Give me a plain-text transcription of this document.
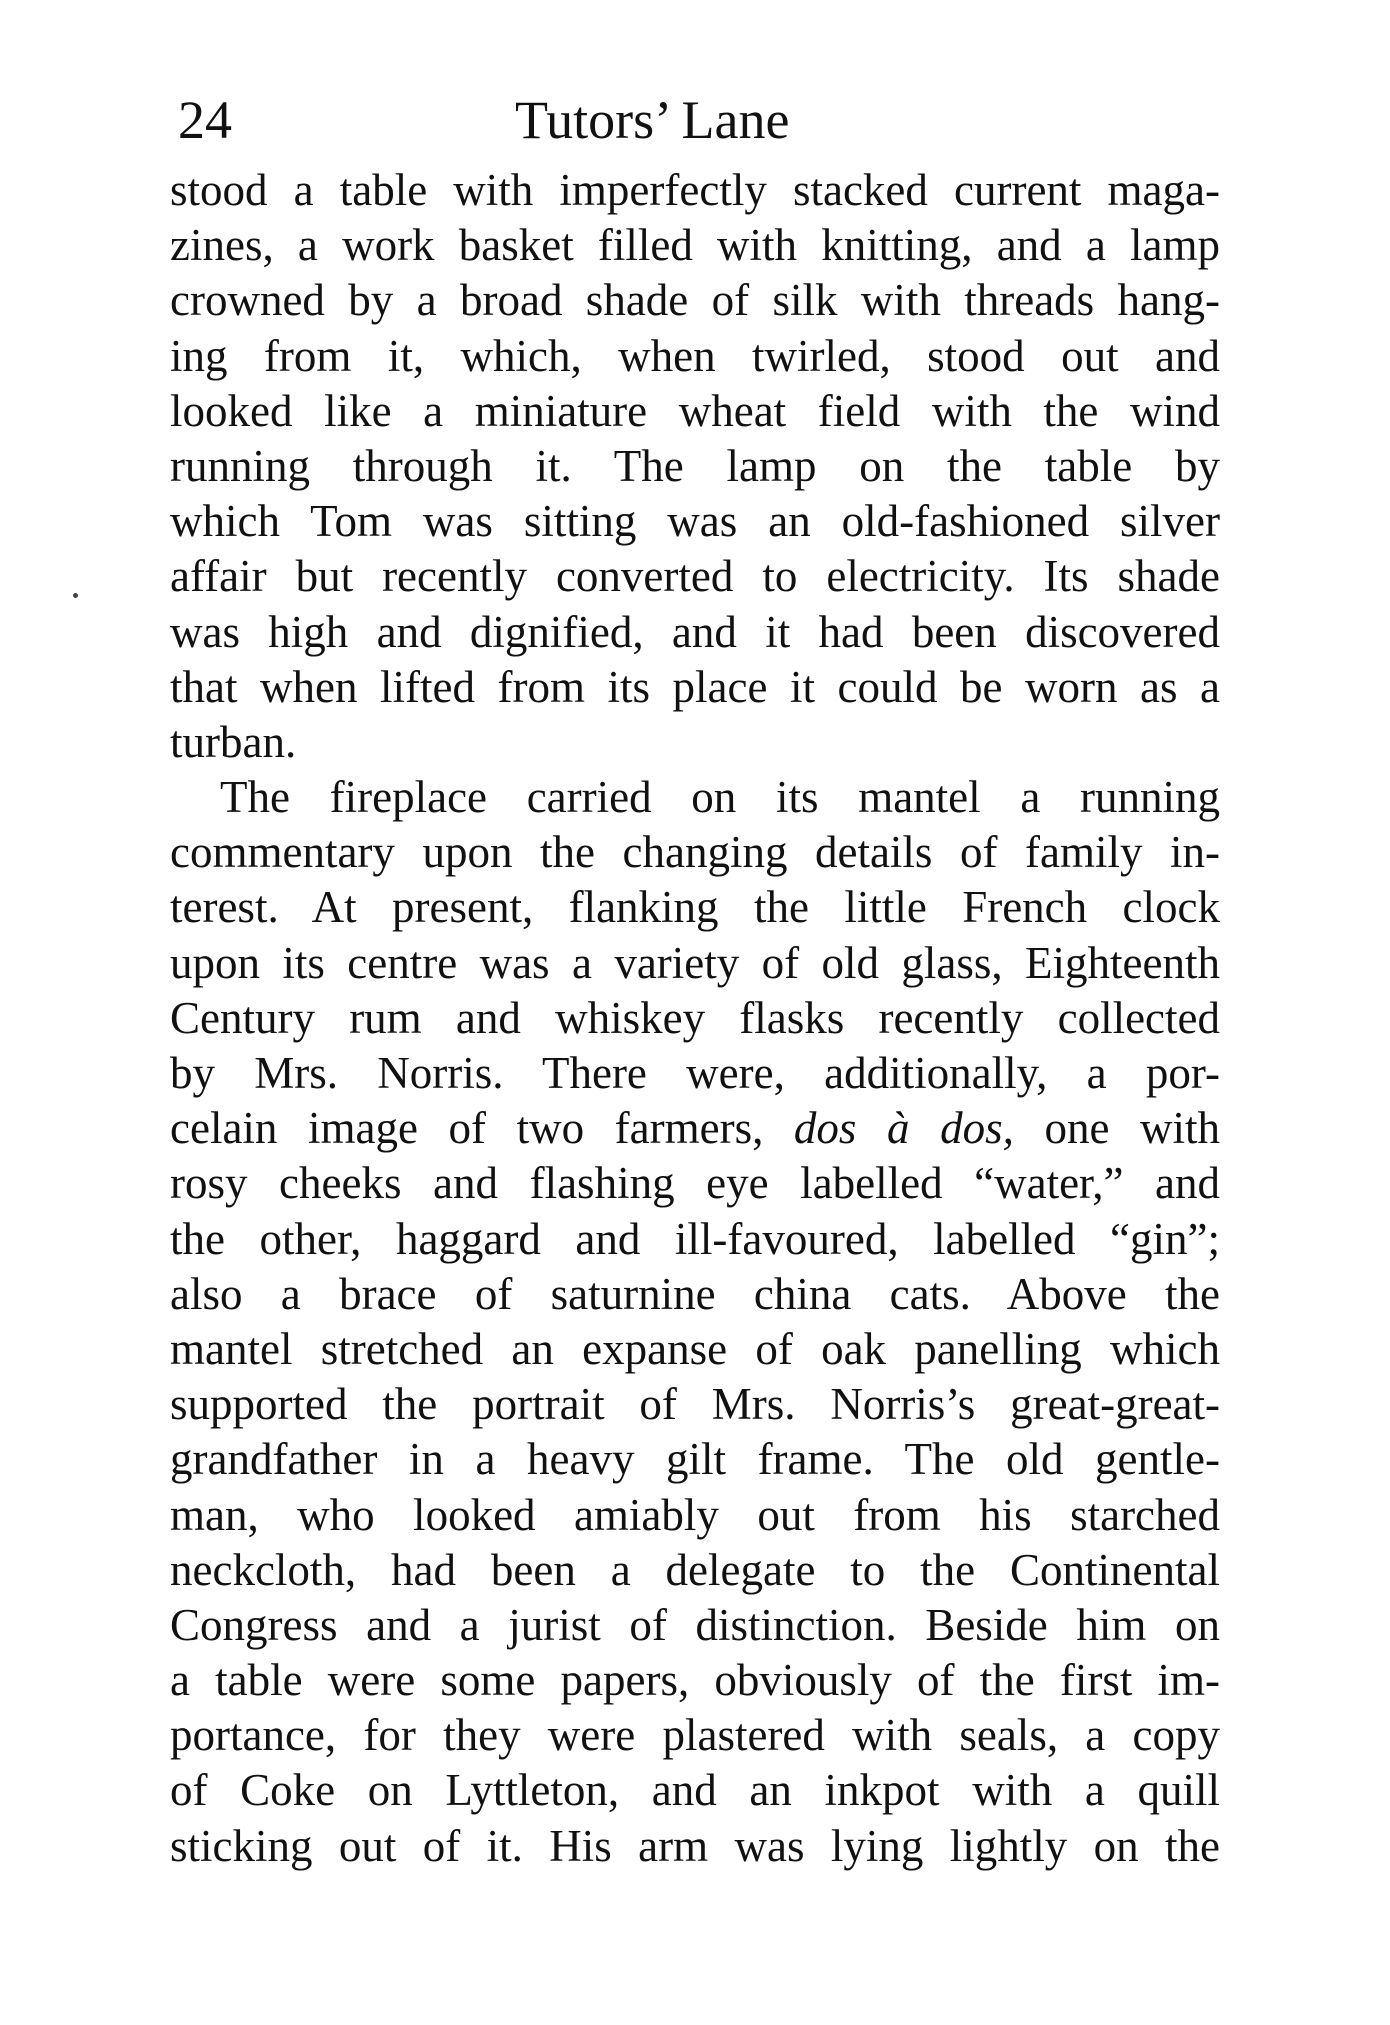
24	Tutors’ Lane
stood a table with imperfectly stacked current maga-
zines, a work basket filled with knitting, and a lamp
crowned by a broad shade of silk with threads hang-
ing from it, which, when twirled, stood out and
looked like a miniature wheat field with the wind
running through it. The lamp on the table by
which Tom was sitting was an old-fashioned silver
affair but recently converted to electricity. Its shade
was high and dignified, and it had been discovered
that when lifted from its place it could be worn as a
turban.
The fireplace carried on its mantel a running
commentary upon the changing details of family in-
terest. At present, flanking the little French clock
upon its centre was a variety of old glass, Eighteenth
Century rum and whiskey flasks recently collected
by Mrs. Norris. There were, additionally, a por-
celain image of two farmers, dos à dos, one with
rosy cheeks and flashing eye labelled “water,” and
the other, haggard and ill-favoured, labelled “gin”;
also a brace of saturnine china cats. Above the
mantel stretched an expanse of oak panelling which
supported the portrait of Mrs. Norris’s great-great-
grandfather in a heavy gilt frame. The old gentle-
man, who looked amiably out from his starched
neckcloth, had been a delegate to the Continental
Congress and a jurist of distinction. Beside him on
a table were some papers, obviously of the first im-
portance, for they were plastered with seals, a copy
of Coke on Lyttleton, and an inkpot with a quill
sticking out of it. His arm was lying lightly on the
